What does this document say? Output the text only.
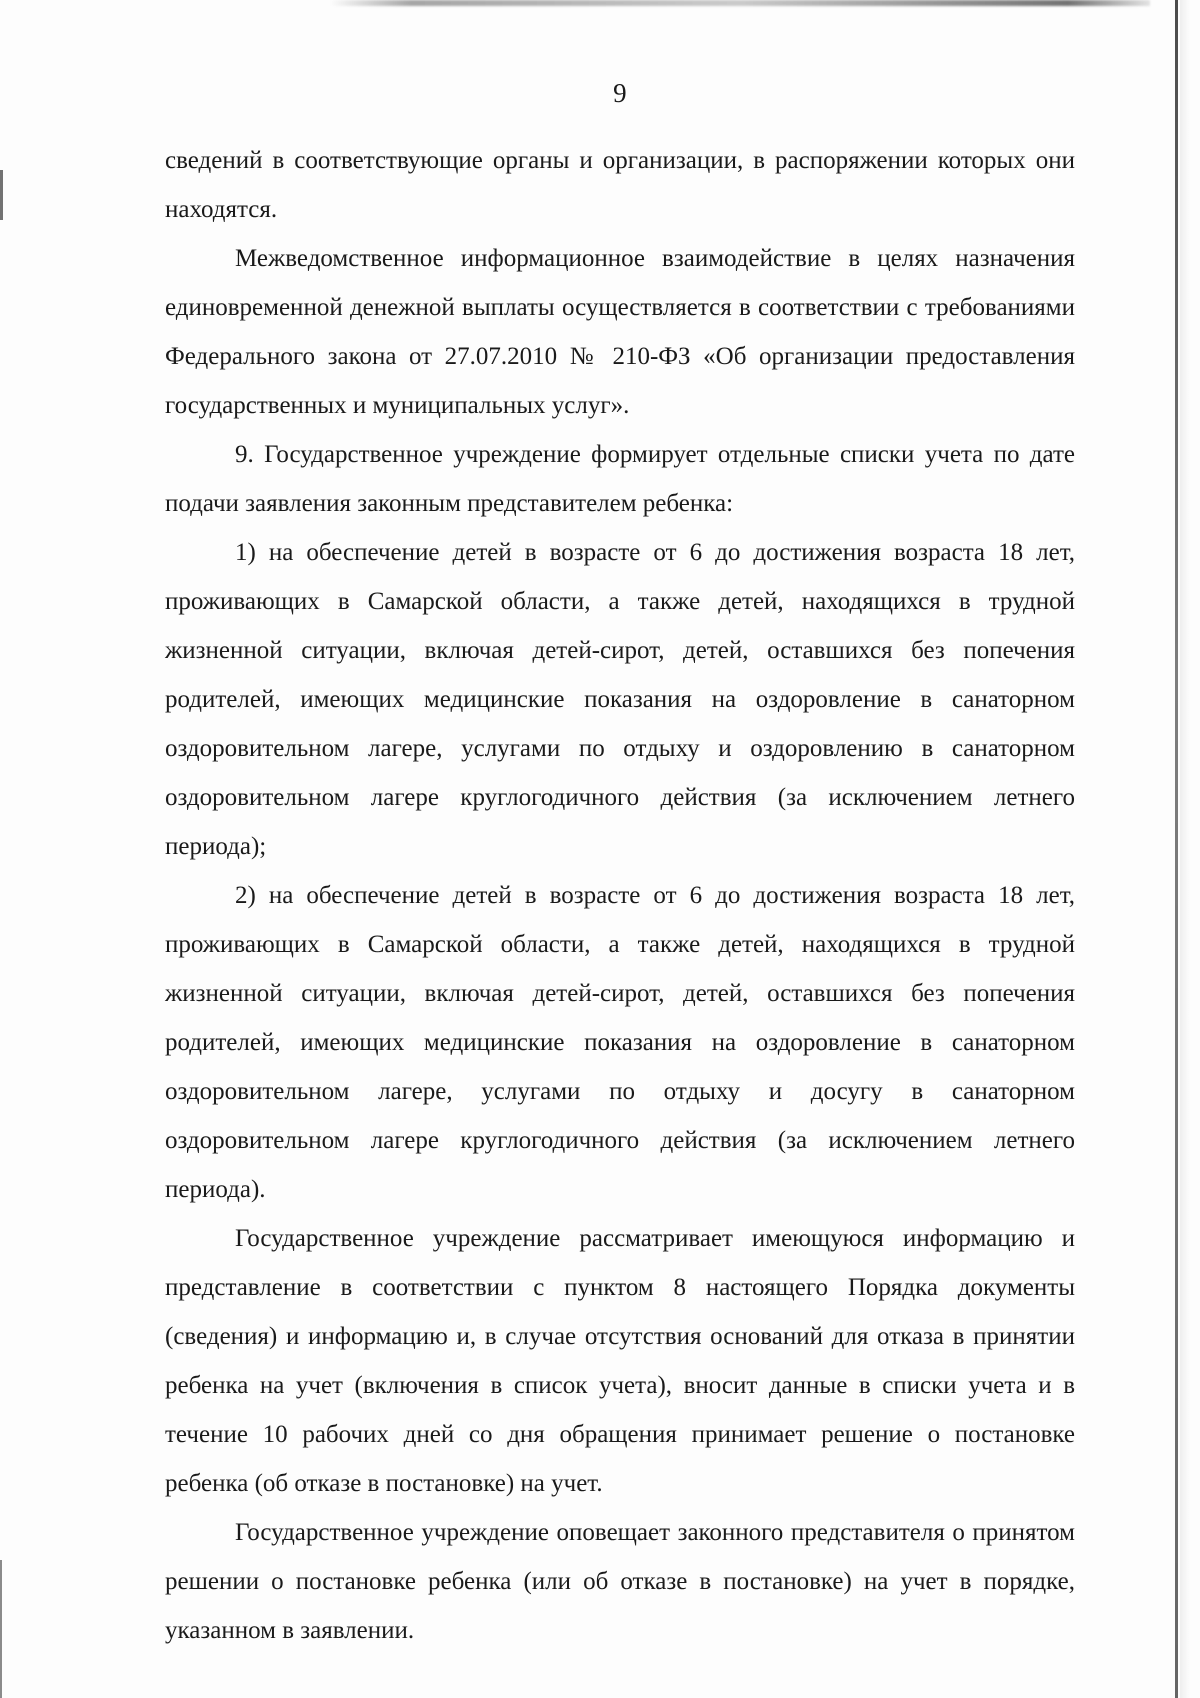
9

сведений в соответствующие органы и организации, в распоряжении которых они находятся.

Межведомственное информационное взаимодействие в целях назначения единовременной денежной выплаты осуществляется в соответствии с требованиями Федерального закона от 27.07.2010 № 210-ФЗ «Об организации предоставления государственных и муниципальных услуг».

9. Государственное учреждение формирует отдельные списки учета по дате подачи заявления законным представителем ребенка:

1) на обеспечение детей в возрасте от 6 до достижения возраста 18 лет, проживающих в Самарской области, а также детей, находящихся в трудной жизненной ситуации, включая детей-сирот, детей, оставшихся без попечения родителей, имеющих медицинские показания на оздоровление в санаторном оздоровительном лагере, услугами по отдыху и оздоровлению в санаторном оздоровительном лагере круглогодичного действия (за исключением летнего периода);

2) на обеспечение детей в возрасте от 6 до достижения возраста 18 лет, проживающих в Самарской области, а также детей, находящихся в трудной жизненной ситуации, включая детей-сирот, детей, оставшихся без попечения родителей, имеющих медицинские показания на оздоровление в санаторном оздоровительном лагере, услугами по отдыху и досугу в санаторном оздоровительном лагере круглогодичного действия (за исключением летнего периода).

Государственное учреждение рассматривает имеющуюся информацию и представление в соответствии с пунктом 8 настоящего Порядка документы (сведения) и информацию и, в случае отсутствия оснований для отказа в принятии ребенка на учет (включения в список учета), вносит данные в списки учета и в течение 10 рабочих дней со дня обращения принимает решение о постановке ребенка (об отказе в постановке) на учет.

Государственное учреждение оповещает законного представителя о принятом решении о постановке ребенка (или об отказе в постановке) на учет в порядке, указанном в заявлении.
